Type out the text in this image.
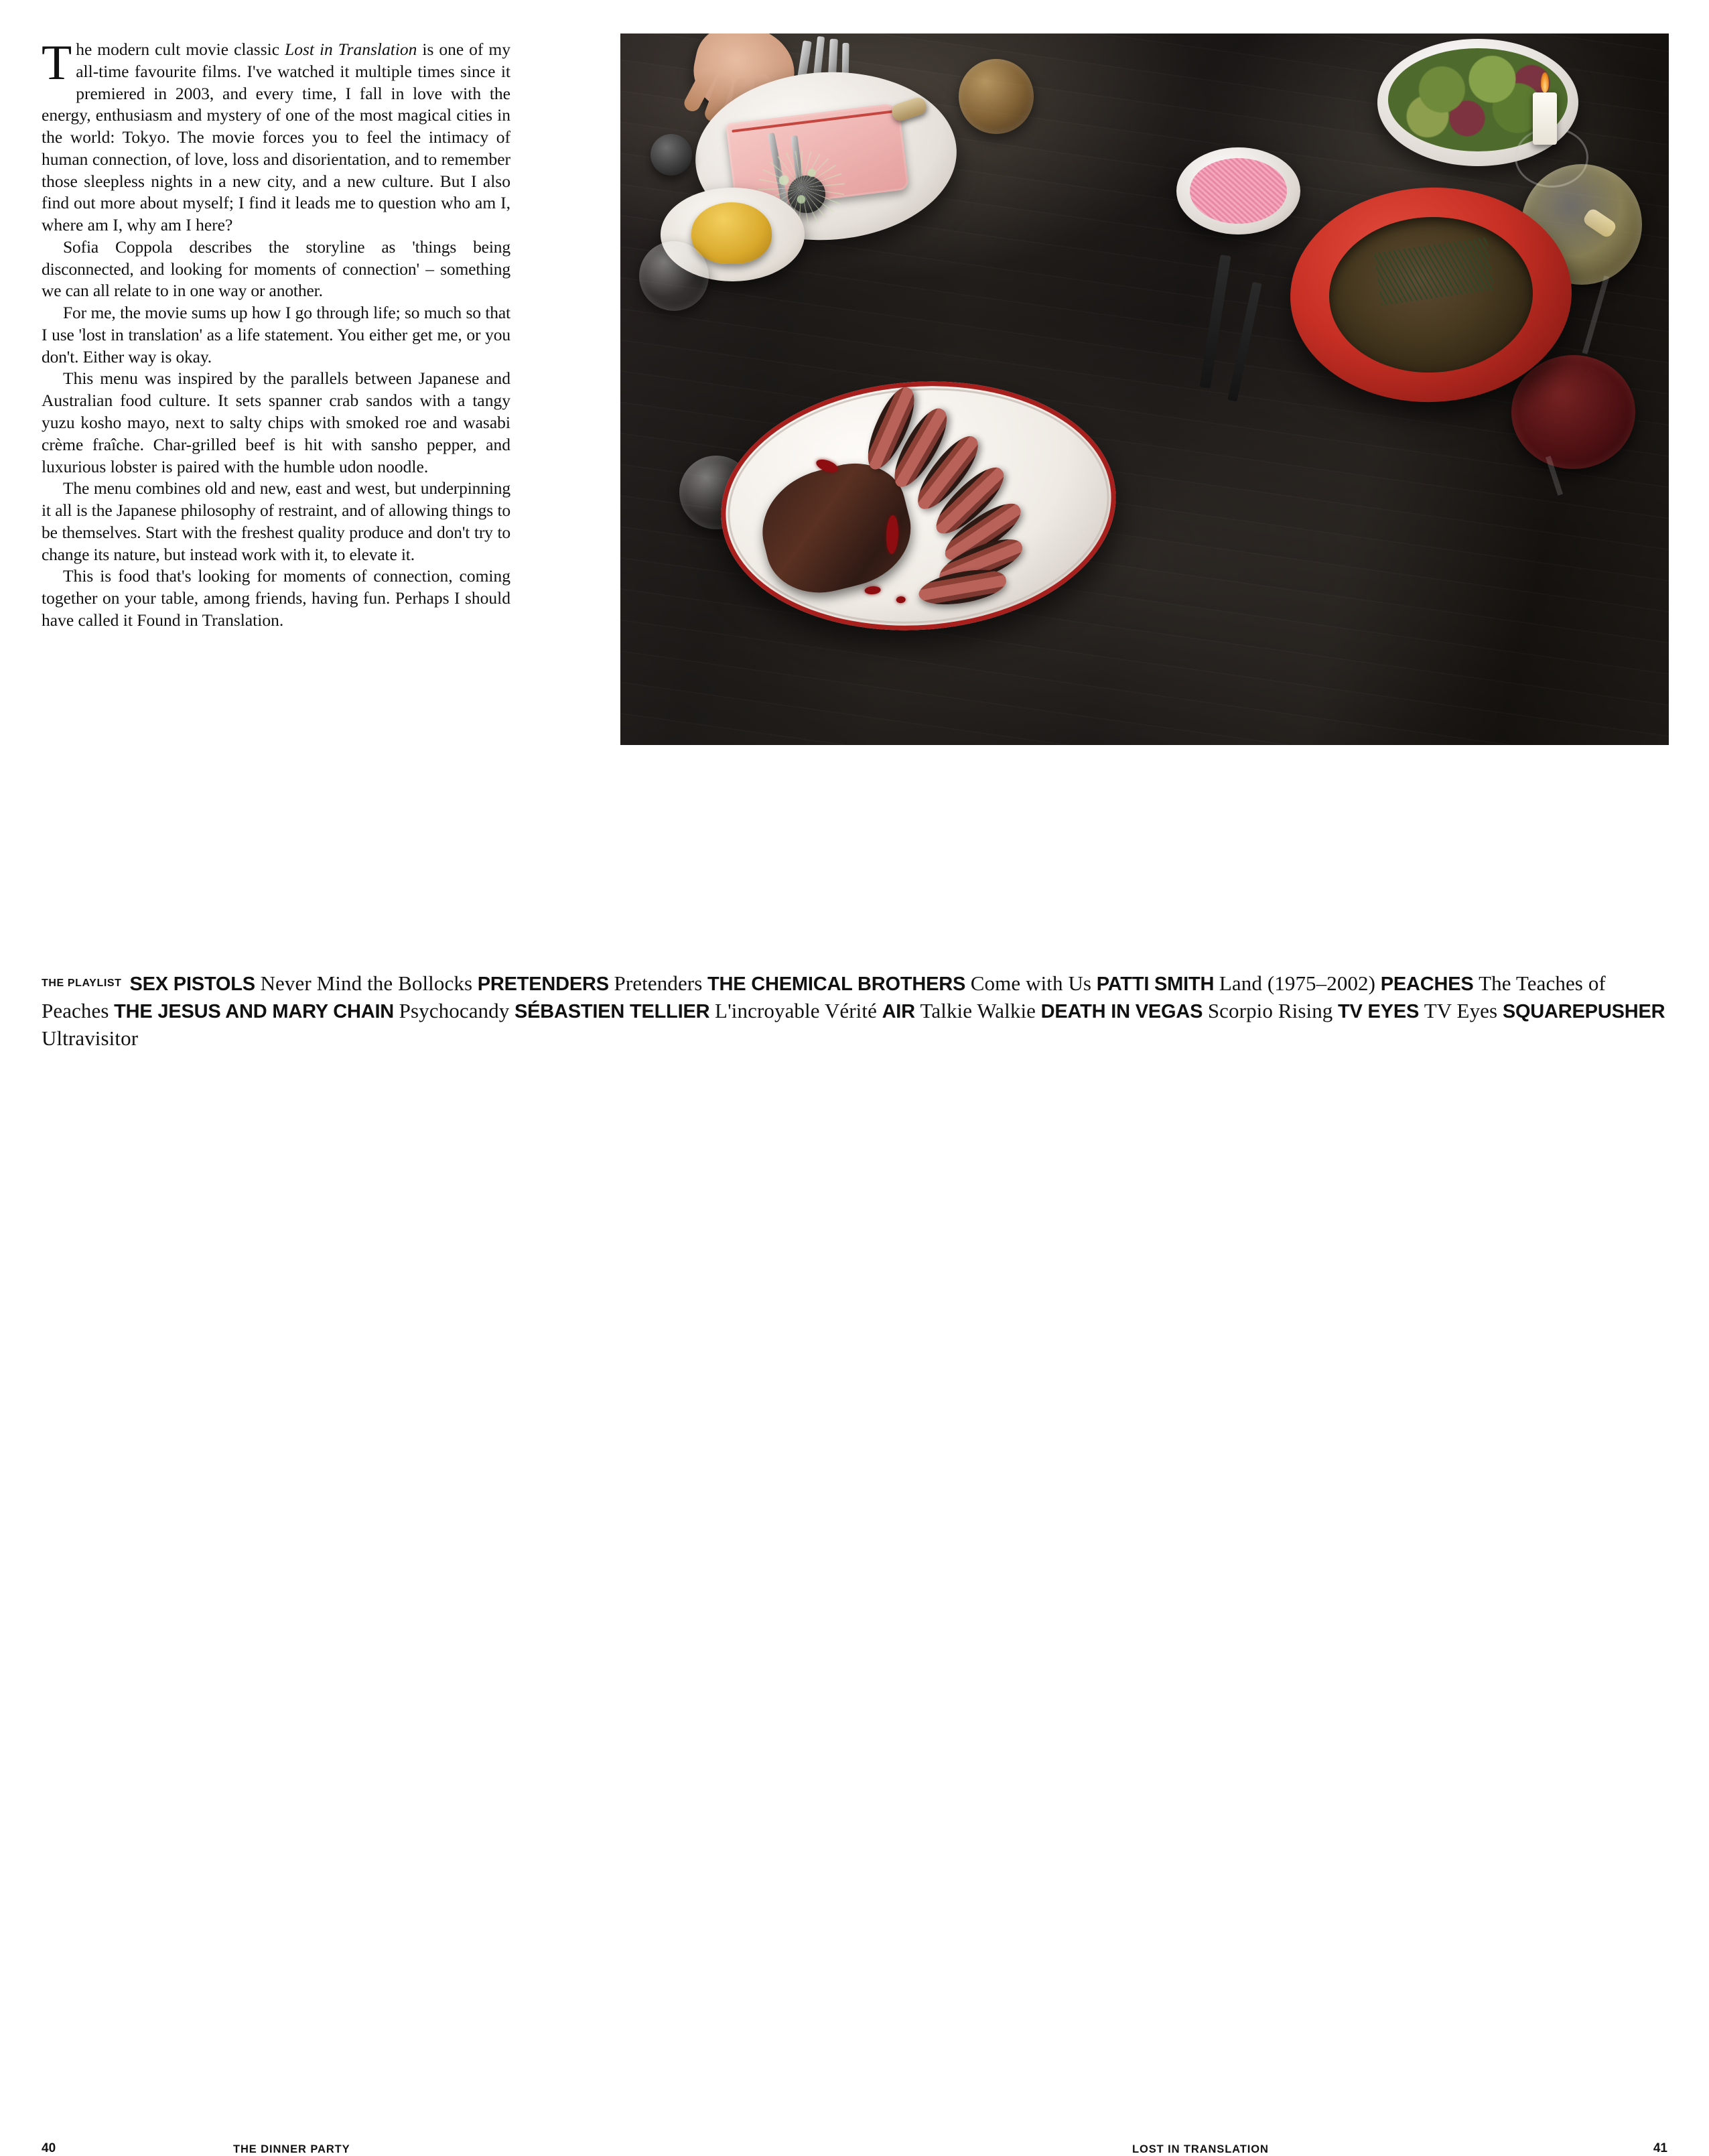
The modern cult movie classic Lost in Translation is one of my all-time favourite films. I've watched it multiple times since it premiered in 2003, and every time, I fall in love with the energy, enthusiasm and mystery of one of the most magical cities in the world: Tokyo. The movie forces you to feel the intimacy of human connection, of love, loss and disorientation, and to remember those sleepless nights in a new city, and a new culture. But I also find out more about myself; I find it leads me to question who am I, where am I, why am I here?

Sofia Coppola describes the storyline as 'things being disconnected, and looking for moments of connection' – something we can all relate to in one way or another.

For me, the movie sums up how I go through life; so much so that I use 'lost in translation' as a life statement. You either get me, or you don't. Either way is okay.

This menu was inspired by the parallels between Japanese and Australian food culture. It sets spanner crab sandos with a tangy yuzu kosho mayo, next to salty chips with smoked roe and wasabi crème fraîche. Char-grilled beef is hit with sansho pepper, and luxurious lobster is paired with the humble udon noodle.

The menu combines old and new, east and west, but underpinning it all is the Japanese philosophy of restraint, and of allowing things to be themselves. Start with the freshest quality produce and don't try to change its nature, but instead work with it, to elevate it.

This is food that's looking for moments of connection, coming together on your table, among friends, having fun. Perhaps I should have called it Found in Translation.

$^{THE PLAYLIST}$ SEX PISTOLS Never Mind the Bollocks PRETENDERS Pretenders THE CHEMICAL BROTHERS Come with Us PATTI SMITH Land (1975–2002) PEACHES The Teaches of Peaches THE JESUS AND MARY CHAIN Psychocandy SÉBASTIEN TELLIER L'incroyable Vérité AIR Talkie Walkie DEATH IN VEGAS Scorpio Rising TV EYES TV Eyes SQUAREPUSHER Ultravisitor
40	THE DINNER PARTY	LOST IN TRANSLATION	41
